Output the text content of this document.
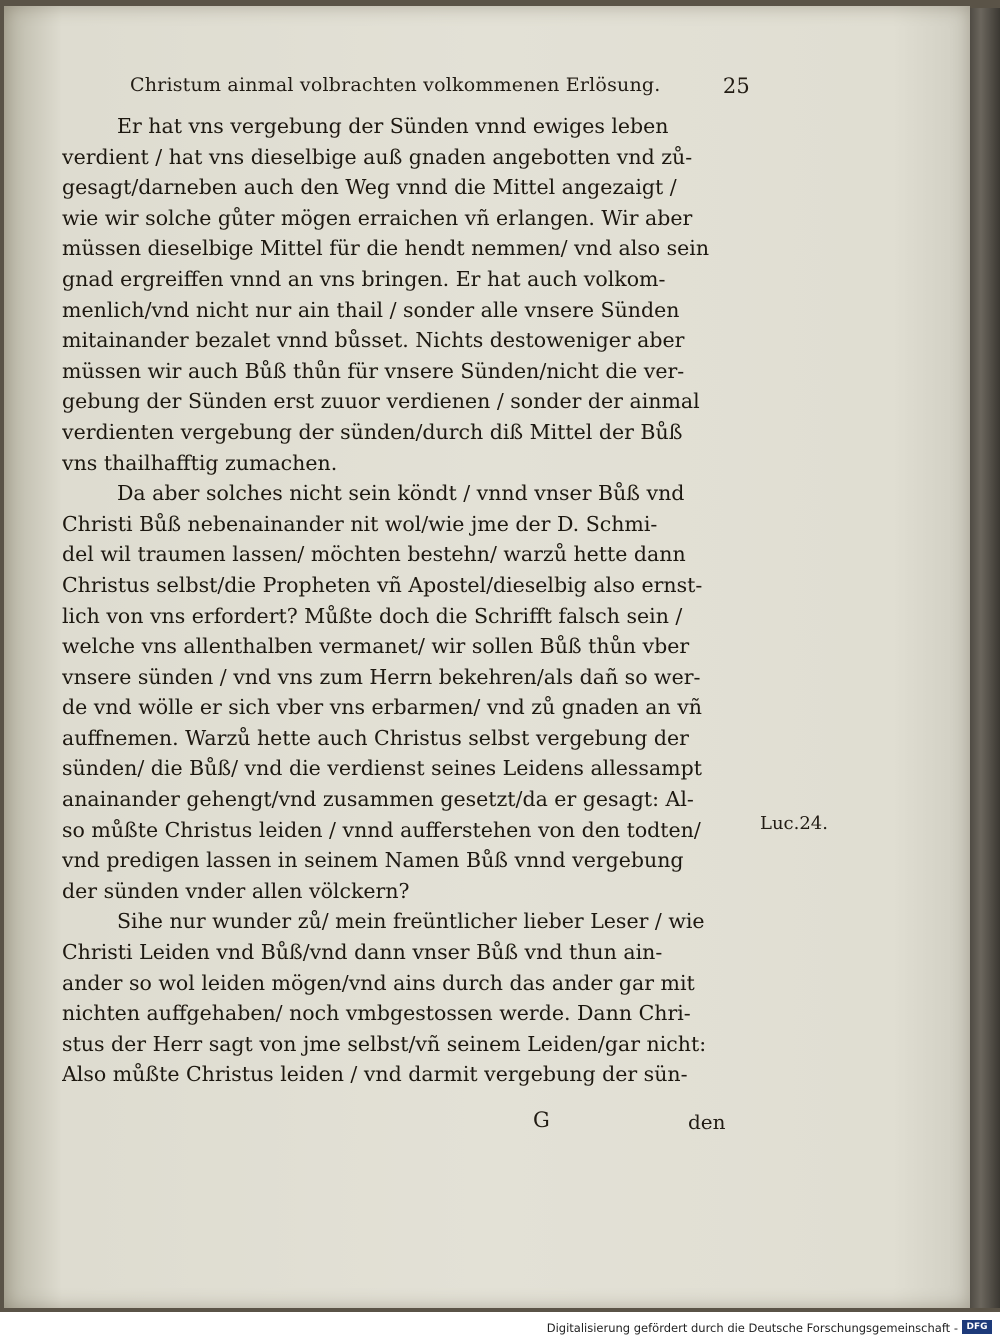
Christum ainmal volbrachten volkommenen Erlösung.	25
Er hat vns vergebung der Sünden vnnd ewiges leben
verdient / hat vns dieselbige auß gnaden angebotten vnd zů-
gesagt/darneben auch den Weg vnnd die Mittel angezaigt /
wie wir solche gůter mögen erraichen vñ erlangen. Wir aber
müssen dieselbige Mittel für die hendt nemmen/ vnd also sein
gnad ergreiffen vnnd an vns bringen. Er hat auch volkom-
menlich/vnd nicht nur ain thail / sonder alle vnsere Sünden
mitainander bezalet vnnd bůsset. Nichts destoweniger aber
müssen wir auch Bůß thůn für vnsere Sünden/nicht die ver-
gebung der Sünden erst zuuor verdienen / sonder der ainmal
verdienten vergebung der sünden/durch diß Mittel der Bůß
vns thailhafftig zumachen.
Da aber solches nicht sein köndt / vnnd vnser Bůß vnd
Christi Bůß nebenainander nit wol/wie jme der D. Schmi-
del wil traumen lassen/ möchten bestehn/ warzů hette dann
Christus selbst/die Propheten vñ Apostel/dieselbig also ernst-
lich von vns erfordert? Můßte doch die Schrifft falsch sein /
welche vns allenthalben vermanet/ wir sollen Bůß thůn vber
vnsere sünden / vnd vns zum Herrn bekehren/als dañ so wer-
de vnd wölle er sich vber vns erbarmen/ vnd zů gnaden an vñ
auffnemen. Warzů hette auch Christus selbst vergebung der
sünden/ die Bůß/ vnd die verdienst seines Leidens allessampt
anainander gehengt/vnd zusammen gesetzt/da er gesagt: Al-
so můßte Christus leiden / vnnd aufferstehen von den todten/
vnd predigen lassen in seinem Namen Bůß vnnd vergebung
der sünden vnder allen völckern?
Sihe nur wunder zů/ mein freüntlicher lieber Leser / wie
Christi Leiden vnd Bůß/vnd dann vnser Bůß vnd thun ain-
ander so wol leiden mögen/vnd ains durch das ander gar mit
nichten auffgehaben/ noch vmbgestossen werde. Dann Chri-
stus der Herr sagt von jme selbst/vñ seinem Leiden/gar nicht:
Also můßte Christus leiden / vnd darmit vergebung der sün-
Luc.24.
G	den
Digitalisierung gefördert durch die Deutsche Forschungsgemeinschaft - DFG
